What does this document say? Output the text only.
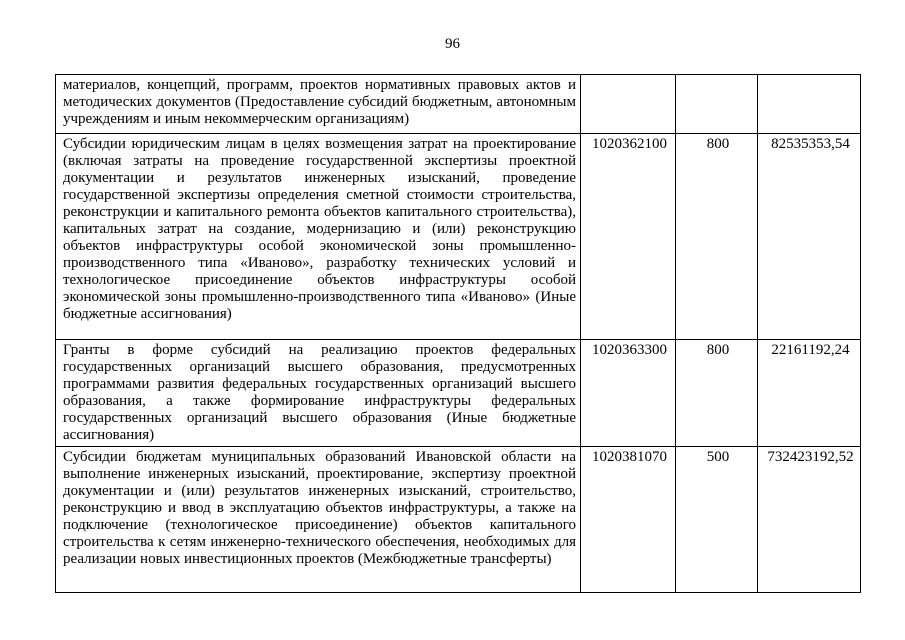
96
материалов, концепций, программ, проектов нормативных правовых актов и методических документов (Предоставление субсидий бюджетным, автономным учреждениям и иным некоммерческим организациям)			
Субсидии юридическим лицам в целях возмещения затрат на проектирование (включая затраты на проведение государственной экспертизы проектной документации и результатов инженерных изысканий, проведение государственной экспертизы определения сметной стоимости строительства, реконструкции и капитального ремонта объектов капитального строительства), капитальных затрат на создание, модернизацию и (или) реконструкцию объектов инфраструктуры особой экономической зоны промышленно-производственного типа «Иваново», разработку технических условий и технологическое присоединение объектов инфраструктуры особой экономической зоны промышленно-производственного типа «Иваново» (Иные бюджетные ассигнования)	1020362100	800	82535353,54
Гранты в форме субсидий на реализацию проектов федеральных государственных организаций высшего образования, предусмотренных программами развития федеральных государственных организаций высшего образования, а также формирование инфраструктуры федеральных государственных организаций высшего образования (Иные бюджетные ассигнования)	1020363300	800	22161192,24
Субсидии бюджетам муниципальных образований Ивановской области на выполнение инженерных изысканий, проектирование, экспертизу проектной документации и (или) результатов инженерных изысканий, строительство, реконструкцию и ввод в эксплуатацию объектов инфраструктуры, а также на подключение (технологическое присоединение) объектов капитального строительства к сетям инженерно-технического обеспечения, необходимых для реализации новых инвестиционных проектов (Межбюджетные трансферты)	1020381070	500	732423192,52
